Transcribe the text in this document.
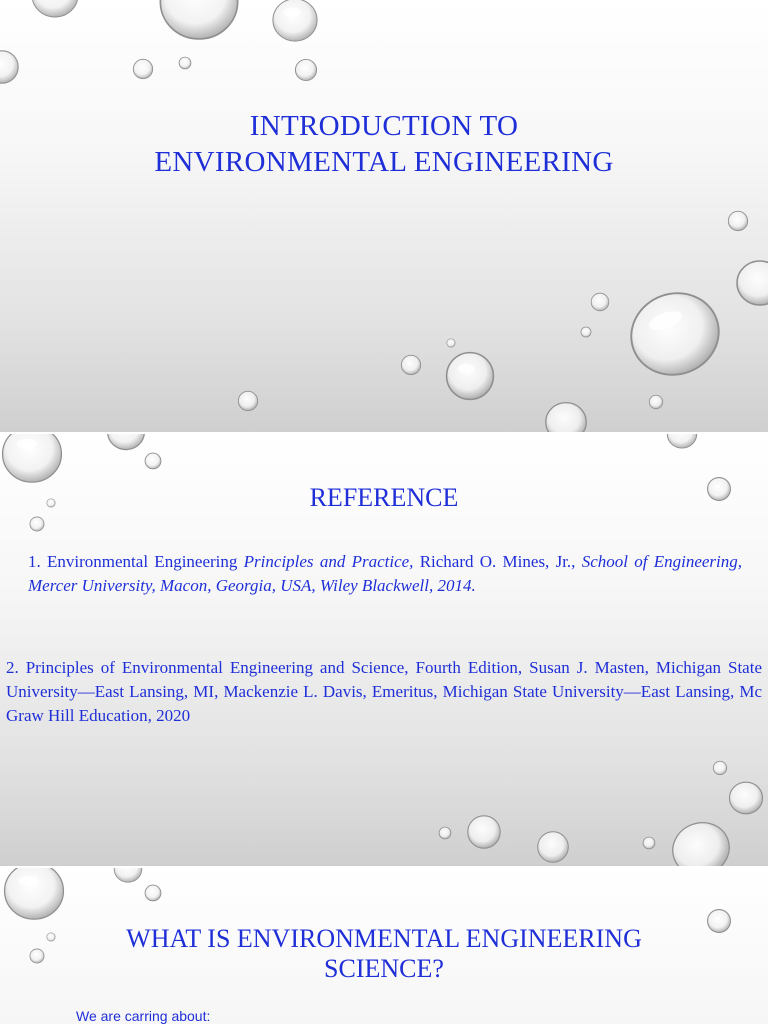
INTRODUCTION TO
ENVIRONMENTAL ENGINEERING
REFERENCE
1. Environmental Engineering Principles and Practice, Richard O. Mines, Jr., School of Engineering, Mercer University, Macon, Georgia, USA, Wiley Blackwell, 2014.
2. Principles of Environmental Engineering and Science, Fourth Edition, Susan J. Masten, Michigan State University—East Lansing, MI, Mackenzie L. Davis, Emeritus, Michigan State University—East Lansing, Mc Graw Hill Education, 2020
WHAT IS ENVIRONMENTAL ENGINEERING
SCIENCE?
We are carring about:
